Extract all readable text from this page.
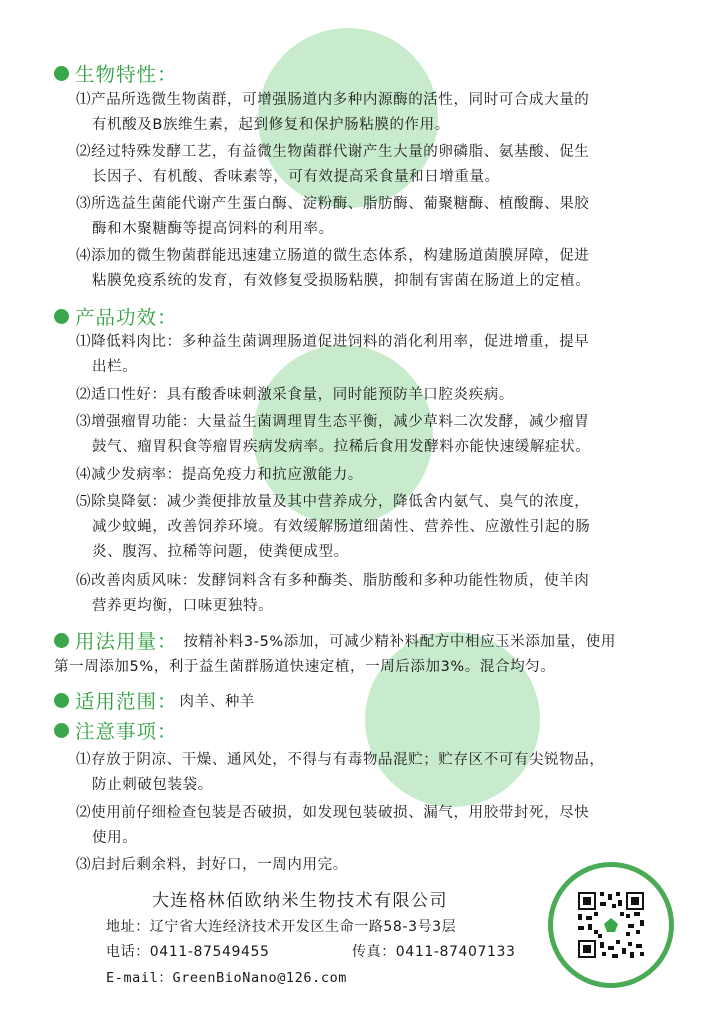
生物特性：
⑴产品所选微生物菌群，可增强肠道内多种内源酶的活性，同时可合成大量的
有机酸及B族维生素，起到修复和保护肠粘膜的作用。
⑵经过特殊发酵工艺，有益微生物菌群代谢产生大量的卵磷脂、氨基酸、促生
长因子、有机酸、香味素等，可有效提高采食量和日增重量。
⑶所选益生菌能代谢产生蛋白酶、淀粉酶、脂肪酶、葡聚糖酶、植酸酶、果胶
酶和木聚糖酶等提高饲料的利用率。
⑷添加的微生物菌群能迅速建立肠道的微生态体系，构建肠道菌膜屏障，促进
粘膜免疫系统的发育，有效修复受损肠粘膜，抑制有害菌在肠道上的定植。
产品功效：
⑴降低料肉比：多种益生菌调理肠道促进饲料的消化利用率，促进增重，提早
出栏。
⑵适口性好：具有酸香味刺激采食量，同时能预防羊口腔炎疾病。
⑶增强瘤胃功能：大量益生菌调理胃生态平衡，减少草料二次发酵，减少瘤胃
鼓气、瘤胃积食等瘤胃疾病发病率。拉稀后食用发酵料亦能快速缓解症状。
⑷减少发病率：提高免疫力和抗应激能力。
⑸除臭降氨：减少粪便排放量及其中营养成分，降低舍内氨气、臭气的浓度，
减少蚊蝇，改善饲养环境。有效缓解肠道细菌性、营养性、应激性引起的肠
炎、腹泻、拉稀等问题，使粪便成型。
⑹改善肉质风味：发酵饲料含有多种酶类、脂肪酸和多种功能性物质，使羊肉
营养更均衡，口味更独特。
用法用量： 按精补料3-5%添加，可减少精补料配方中相应玉米添加量，使用
第一周添加5%，利于益生菌群肠道快速定植，一周后添加3%。混合均匀。
适用范围： 肉羊、种羊
注意事项：
⑴存放于阴凉、干燥、通风处，不得与有毒物品混贮；贮存区不可有尖锐物品，
防止刺破包装袋。
⑵使用前仔细检查包装是否破损，如发现包装破损、漏气，用胶带封死，尽快
使用。
⑶启封后剩余料，封好口，一周内用完。
大连格林佰欧纳米生物技术有限公司
地址：辽宁省大连经济技术开发区生命一路58-3号3层
电话：0411-87549455	传真：0411-87407133
E-mail：GreenBioNano@126.com
